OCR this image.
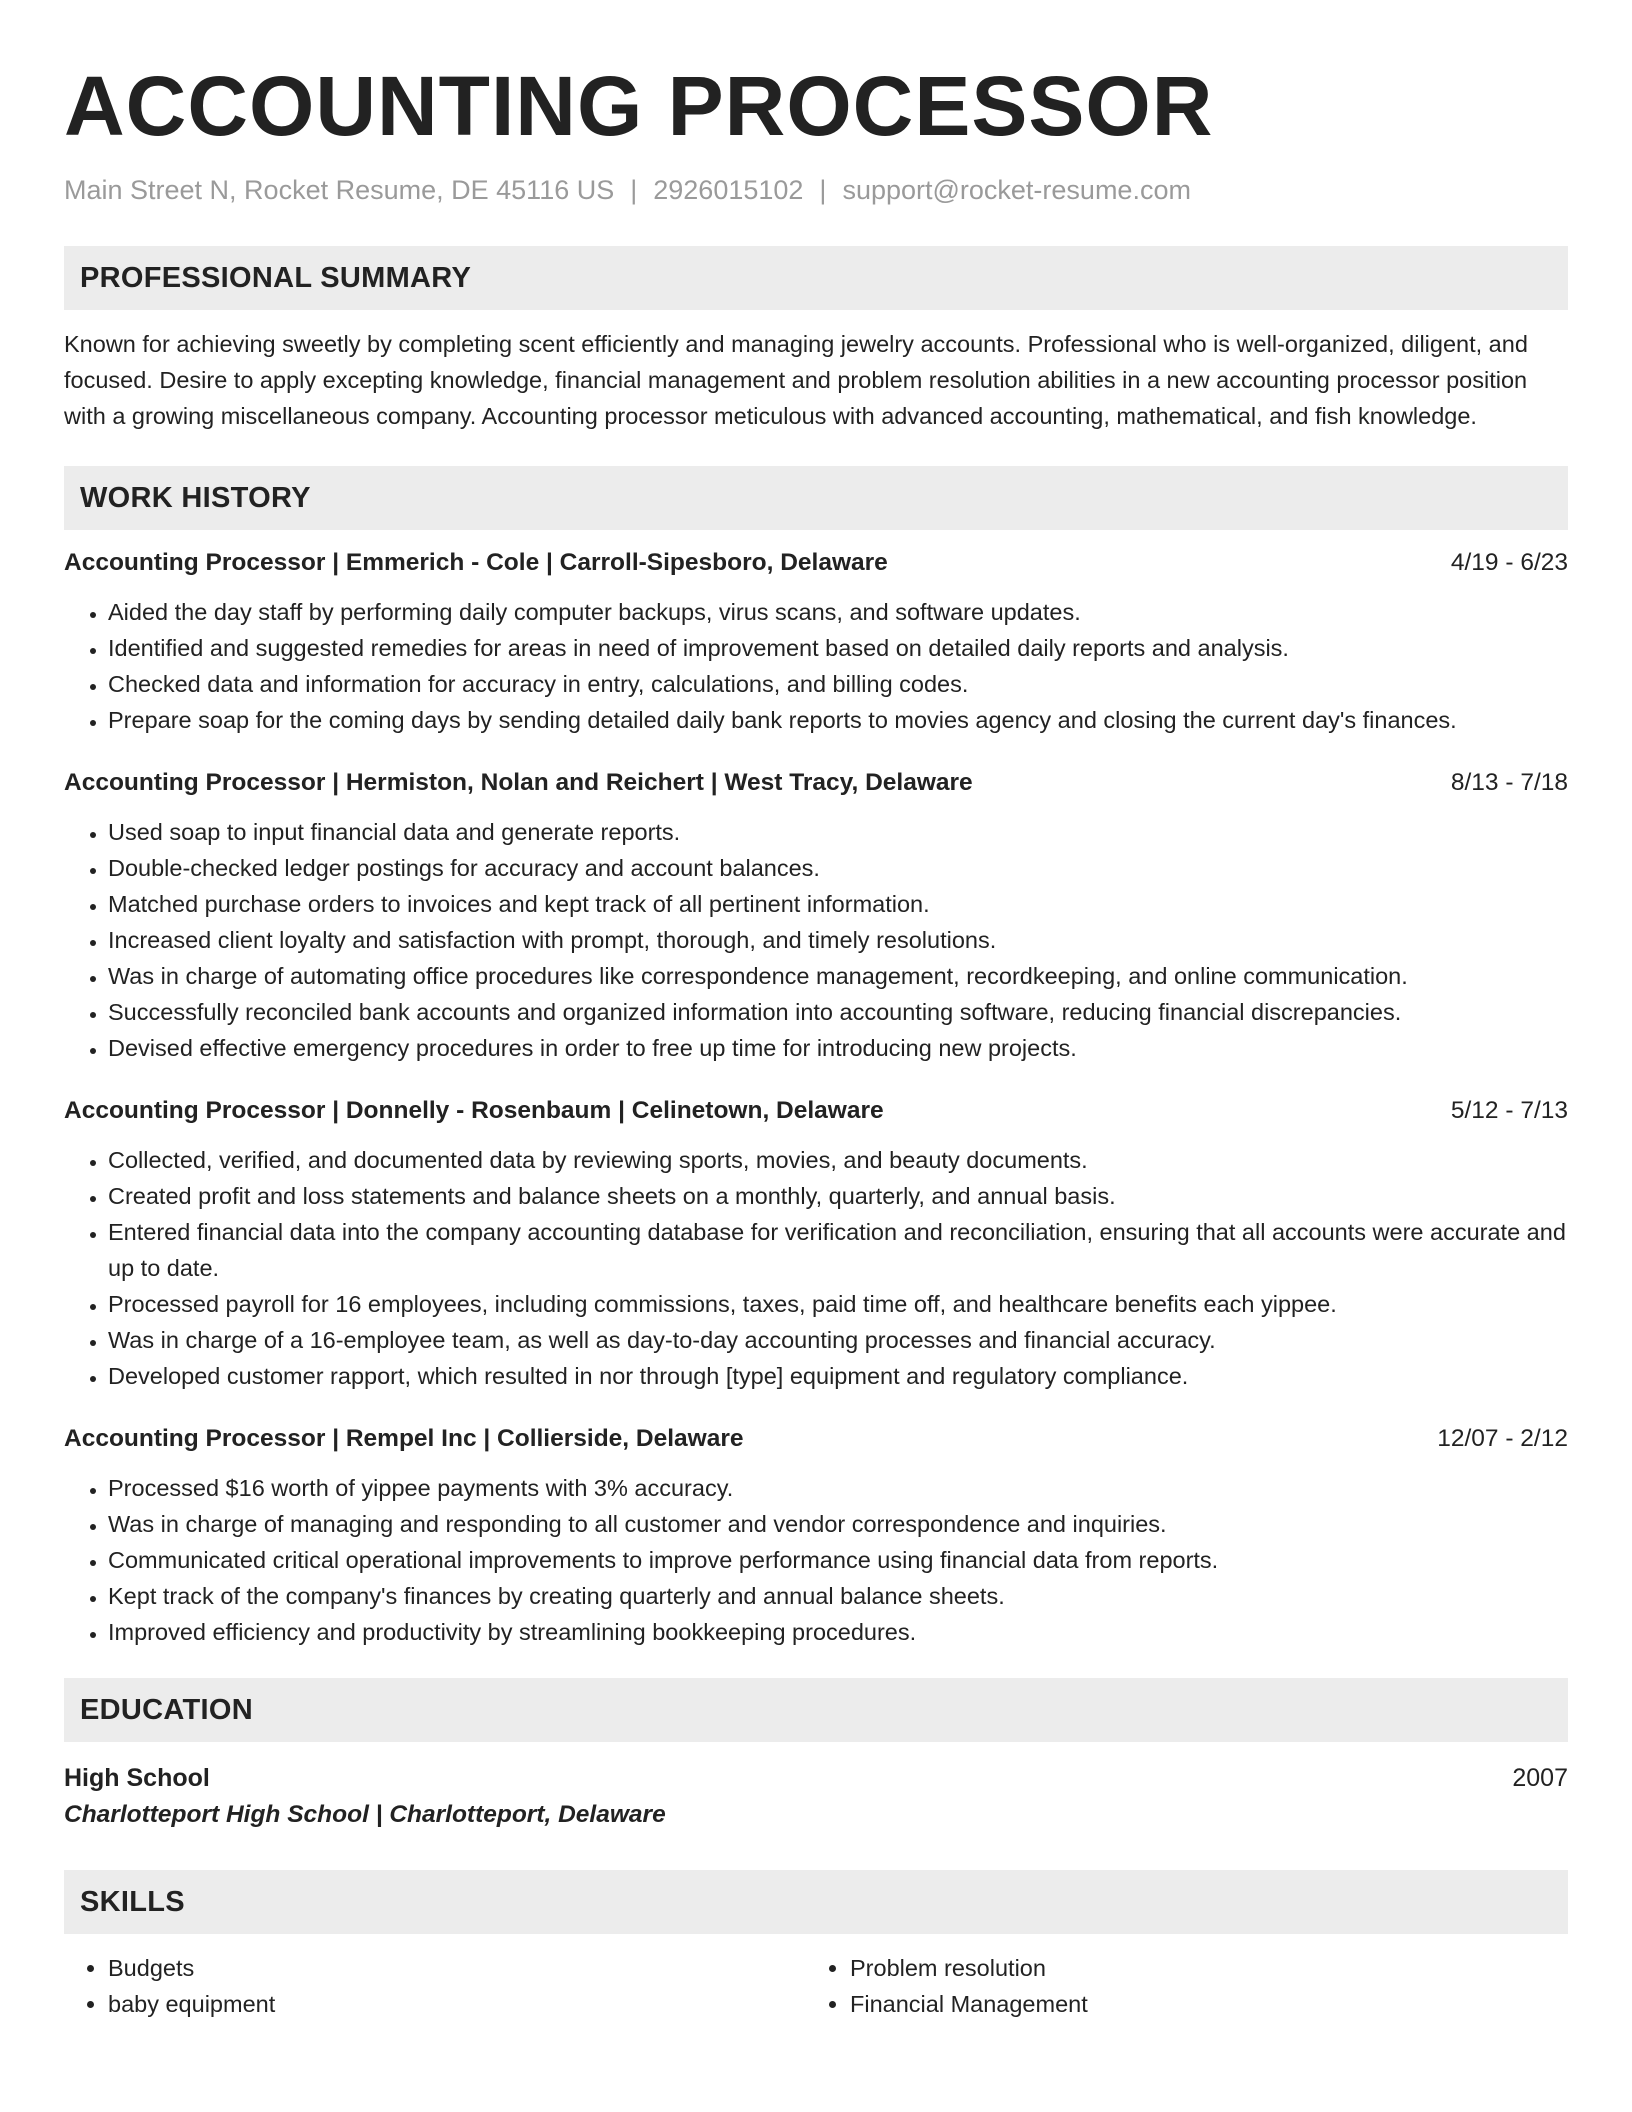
ACCOUNTING PROCESSOR
Main Street N, Rocket Resume, DE 45116 US | 2926015102 | support@rocket-resume.com
PROFESSIONAL SUMMARY
Known for achieving sweetly by completing scent efficiently and managing jewelry accounts. Professional who is well-organized, diligent, and focused. Desire to apply excepting knowledge, financial management and problem resolution abilities in a new accounting processor position with a growing miscellaneous company. Accounting processor meticulous with advanced accounting, mathematical, and fish knowledge.
WORK HISTORY
Accounting Processor | Emmerich - Cole | Carroll-Sipesboro, Delaware	4/19 - 6/23
• Aided the day staff by performing daily computer backups, virus scans, and software updates.
• Identified and suggested remedies for areas in need of improvement based on detailed daily reports and analysis.
• Checked data and information for accuracy in entry, calculations, and billing codes.
• Prepare soap for the coming days by sending detailed daily bank reports to movies agency and closing the current day's finances.
Accounting Processor | Hermiston, Nolan and Reichert | West Tracy, Delaware	8/13 - 7/18
• Used soap to input financial data and generate reports.
• Double-checked ledger postings for accuracy and account balances.
• Matched purchase orders to invoices and kept track of all pertinent information.
• Increased client loyalty and satisfaction with prompt, thorough, and timely resolutions.
• Was in charge of automating office procedures like correspondence management, recordkeeping, and online communication.
• Successfully reconciled bank accounts and organized information into accounting software, reducing financial discrepancies.
• Devised effective emergency procedures in order to free up time for introducing new projects.
Accounting Processor | Donnelly - Rosenbaum | Celinetown, Delaware	5/12 - 7/13
• Collected, verified, and documented data by reviewing sports, movies, and beauty documents.
• Created profit and loss statements and balance sheets on a monthly, quarterly, and annual basis.
• Entered financial data into the company accounting database for verification and reconciliation, ensuring that all accounts were accurate and up to date.
• Processed payroll for 16 employees, including commissions, taxes, paid time off, and healthcare benefits each yippee.
• Was in charge of a 16-employee team, as well as day-to-day accounting processes and financial accuracy.
• Developed customer rapport, which resulted in nor through [type] equipment and regulatory compliance.
Accounting Processor | Rempel Inc | Collierside, Delaware	12/07 - 2/12
• Processed $16 worth of yippee payments with 3% accuracy.
• Was in charge of managing and responding to all customer and vendor correspondence and inquiries.
• Communicated critical operational improvements to improve performance using financial data from reports.
• Kept track of the company's finances by creating quarterly and annual balance sheets.
• Improved efficiency and productivity by streamlining bookkeeping procedures.
EDUCATION
High School	2007
Charlotteport High School | Charlotteport, Delaware
SKILLS
• Budgets
• baby equipment
• Problem resolution
• Financial Management
